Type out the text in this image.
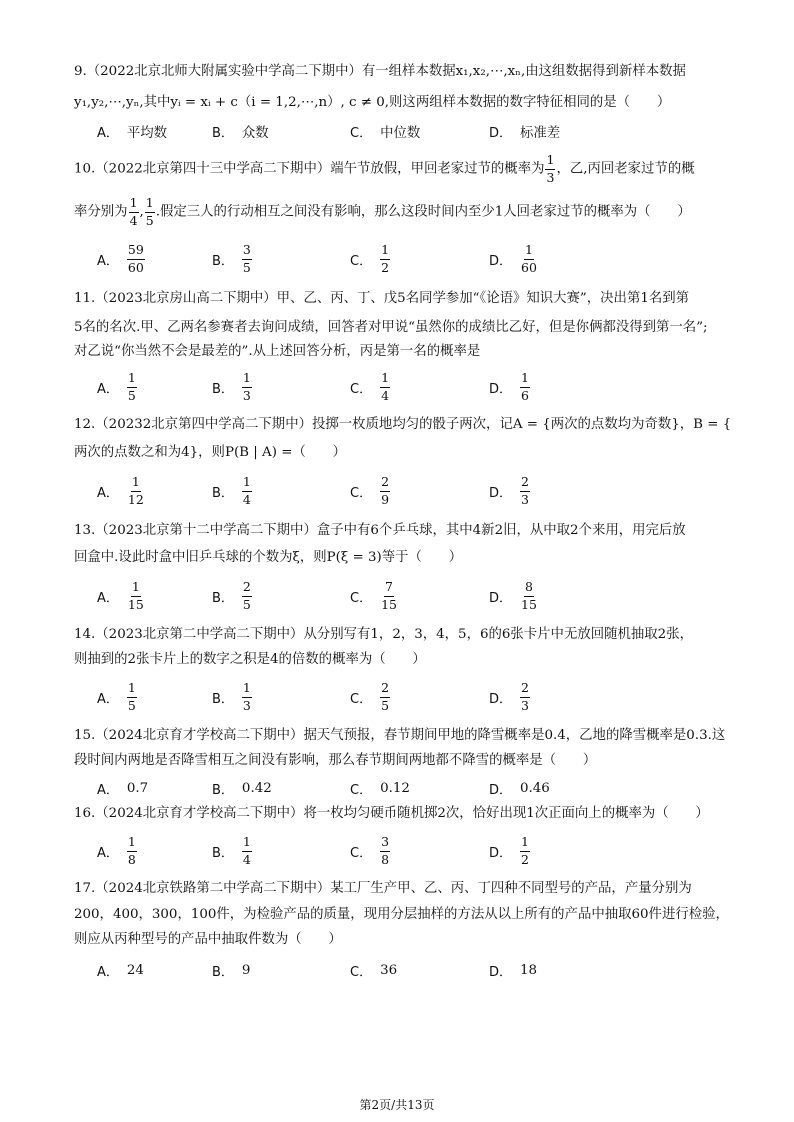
9.（2022北京北师大附属实验中学高二下期中）有一组样本数据x₁,x₂,⋯,xₙ,由这组数据得到新样本数据
y₁,y₂,⋯,yₙ,其中yᵢ = xᵢ + c（i = 1,2,⋯,n）, c ≠ 0,则这两组样本数据的数字特征相同的是（　　）
A． 平均数	B． 众数	C． 中位数	D． 标准差
10.（2022北京第四十三中学高二下期中）端午节放假，甲回老家过节的概率为 $\frac{1}{3}$ ，乙,丙回老家过节的概
率分别为 $\frac{1}{4}$ , $\frac{1}{5}$ .假定三人的行动相互之间没有影响，那么这段时间内至少1人回老家过节的概率为（　　）
A． $\frac{59}{60}$	B． $\frac{3}{5}$	C． $\frac{1}{2}$	D． $\frac{1}{60}$
11.（2023北京房山高二下期中）甲、乙、丙、丁、戊5名同学参加“《论语》知识大赛”，决出第1名到第
5名的名次.甲、乙两名参赛者去询问成绩，回答者对甲说“虽然你的成绩比乙好，但是你俩都没得到第一名”;
对乙说“你当然不会是最差的”.从上述回答分析，丙是第一名的概率是
A． $\frac{1}{5}$	B． $\frac{1}{3}$	C． $\frac{1}{4}$	D． $\frac{1}{6}$
12.（20232北京第四中学高二下期中）投掷一枚质地均匀的骰子两次，记A = {两次的点数均为奇数}，B = {
两次的点数之和为4}，则P(B | A) =（　　）
A． $\frac{1}{12}$	B． $\frac{1}{4}$	C． $\frac{2}{9}$	D． $\frac{2}{3}$
13.（2023北京第十二中学高二下期中）盒子中有6个乒乓球，其中4新2旧，从中取2个来用，用完后放
回盒中.设此时盒中旧乒乓球的个数为ξ，则P(ξ = 3)等于（　　）
A． $\frac{1}{15}$	B． $\frac{2}{5}$	C． $\frac{7}{15}$	D． $\frac{8}{15}$
14.（2023北京第二中学高二下期中）从分别写有1，2，3，4，5，6的6张卡片中无放回随机抽取2张，
则抽到的2张卡片上的数字之积是4的倍数的概率为（　　）
A． $\frac{1}{5}$	B． $\frac{1}{3}$	C． $\frac{2}{5}$	D． $\frac{2}{3}$
15.（2024北京育才学校高二下期中）据天气预报，春节期间甲地的降雪概率是0.4，乙地的降雪概率是0.3.这
段时间内两地是否降雪相互之间没有影响，那么春节期间两地都不降雪的概率是（　　）
A． 0.7	B． 0.42	C． 0.12	D． 0.46
16.（2024北京育才学校高二下期中）将一枚均匀硬币随机掷2次，恰好出现1次正面向上的概率为（　　）
A． $\frac{1}{8}$	B． $\frac{1}{4}$	C． $\frac{3}{8}$	D． $\frac{1}{2}$
17.（2024北京铁路第二中学高二下期中）某工厂生产甲、乙、丙、丁四种不同型号的产品，产量分别为
200，400，300，100件，为检验产品的质量，现用分层抽样的方法从以上所有的产品中抽取60件进行检验，
则应从丙种型号的产品中抽取件数为（　　）
A． 24	B． 9	C． 36	D． 18
第2页/共13页
